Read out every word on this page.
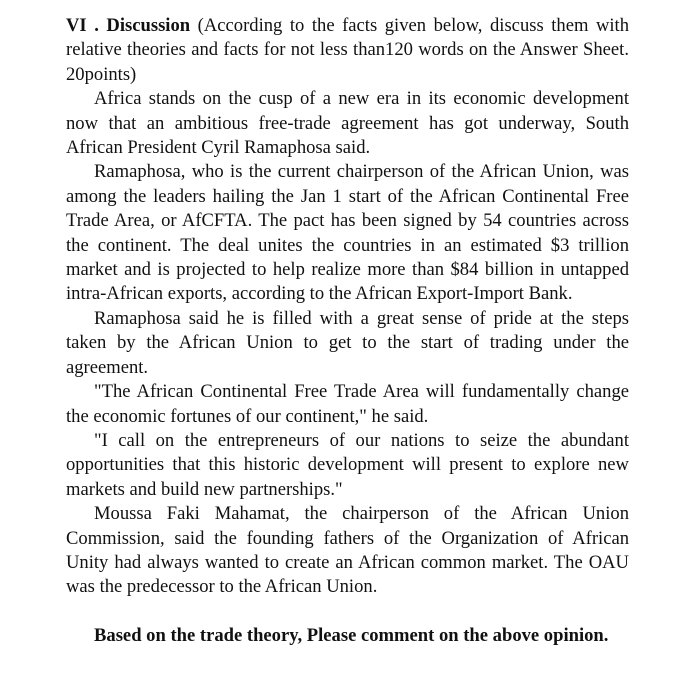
VI . Discussion (According to the facts given below, discuss them with relative theories and facts for not less than120 words on the Answer Sheet. 20points)

Africa stands on the cusp of a new era in its economic development now that an ambitious free-trade agreement has got underway, South African President Cyril Ramaphosa said.

Ramaphosa, who is the current chairperson of the African Union, was among the leaders hailing the Jan 1 start of the African Continental Free Trade Area, or AfCFTA. The pact has been signed by 54 countries across the continent. The deal unites the countries in an estimated $3 trillion market and is projected to help realize more than $84 billion in untapped intra-African exports, according to the African Export-Import Bank.

Ramaphosa said he is filled with a great sense of pride at the steps taken by the African Union to get to the start of trading under the agreement.

"The African Continental Free Trade Area will fundamentally change the economic fortunes of our continent," he said.

"I call on the entrepreneurs of our nations to seize the abundant opportunities that this historic development will present to explore new markets and build new partnerships."

Moussa Faki Mahamat, the chairperson of the African Union Commission, said the founding fathers of the Organization of African Unity had always wanted to create an African common market. The OAU was the predecessor to the African Union.

Based on the trade theory, Please comment on the above opinion.
